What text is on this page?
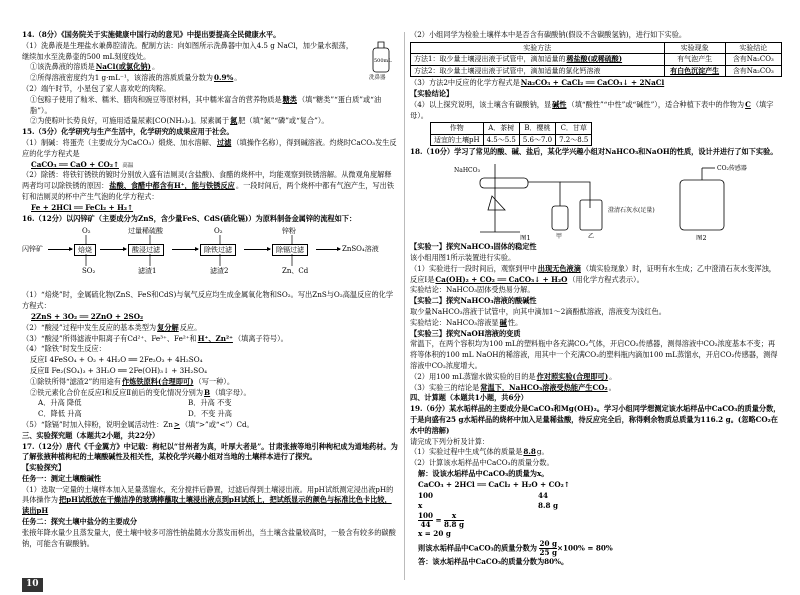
14.（8分）《国务院关于实施健康中国行动的意见》中提出要提高全民健康水平。

（1）洗鼻液是生理盐水兼鼻腔清洗。配制方法：向如图所示洗鼻器中加入4.5 g NaCl，加少量水振荡，继续加水至洗鼻壶的500 mL刻度线处。

①该洗鼻液的溶质是NaCl(或氯化钠)。

②所得溶液密度约为1 g·mL⁻¹，该溶液的溶质质量分数为0.9%。

（2）端午时节，小星包了家人喜欢吃的肉粽。

①包粽子使用了籼米、糯米、腊肉和豌豆等原材料，其中糯米富含的营养物质是糖类（填“糖类”“蛋白质”或“油脂”）。

②为使粽叶长势良好，可施用适量尿素[CO(NH₂)₂]。尿素属于氮肥（填“氮”“磷”或“复合”）。

500mL
洗鼻器

15.（5分）化学研究与生产生活中，化学研究的成果应用于社会。

（1）制碱：将蛋壳（主要成分为CaCO₃）煅烧、加水溶解、过滤（填操作名称），得到碱溶液。灼烧时CaCO₃发生反应的化学方程式是

CaCO₃ ══ CaO + CO₂↑ 高温

（2）除锈：将铁钉锈铁的镀时分别放入盛有洁厕灵(含盐酸)、食醋的烧杯中，均能观察到铁锈溶解。从微观角度解释两者均可以除铁锈的原因：盐酸、食醋中都含有H⁺，能与铁锈反应。一段时间后，两个烧杯中都有气泡产生，写出铁钉和洁厕灵的杯中产生气泡的化学方程式：

Fe + 2HCl ══ FeCl₂ + H₂↑

16.（12分）以闪锌矿（主要成分为ZnS，含少量FeS、CdS(硫化镉)）为原料制备金属锌的流程如下：

闪锌矿	焙烧	酸浸过滤	除铁过滤	除镉过滤	ZnSO₄溶液
O₂	过量稀硫酸	O₂	锌粉
SO₂	滤渣1	滤渣2	Zn、Cd

（1）“焙烧”时，金属硫化物(ZnS、FeS和CdS)与氧气反应均生成金属氧化物和SO₂。写出ZnS与O₂高温反应的化学方程式：

2ZnS + 3O₂ ══ 2ZnO + 2SO₂

（2）“酸浸”过程中发生反应的基本类型为复分解反应。

（3）“酸浸”所得滤液中阳离子有Cd²⁺、Fe³⁺、Fe²⁺和H⁺、Zn²⁺（填离子符号）。

（4）“除铁”时发生反应：

反应Ⅰ 4FeSO₄ + O₂ + 4H₂O ══ 2Fe₂O₃ + 4H₂SO₄

反应Ⅱ Fe₂(SO₄)₃ + 3H₂O ══ 2Fe(OH)₃↓ + 3H₂SO₄

①除铁所得“滤渣2”的用途有作炼铁原料(合理即可)（写一种）。

②铁元素化合价在反应Ⅰ和反应Ⅱ前后的变化情况分别为B（填字母）。

A．升高 降低	B．升高 不变

C．降低 升高	D．不变 升高

（5）“除镉”时加入锌粉，说明金属活动性：Zn>（填“>”或“<”）Cd。

三、实验探究题（本题共2小题，共22分）

17.（12分）唐代《千金翼方》中记载：枸杞以“甘州者为真，叶厚大者是”。甘肃张掖等地引种枸杞成为道地药材。为了解张掖种植枸杞的土壤酸碱性及相关性，某校化学兴趣小组对当地的土壤样本进行了探究。

【实验探究】

任务一：测定土壤酸碱性

（1）选取一定量的土壤样本加入足量蒸馏水，充分搅拌后静置，过滤后得到土壤浸出液。用pH试纸测定浸出液pH的具体操作为把pH试纸放在干燥洁净的玻璃棒蘸取土壤浸出液点到pH试纸上，把试纸显示的颜色与标准比色卡比较，读出pH

任务二：探究土壤中盐分的主要成分

张掖年降水量少且蒸发量大，使土壤中较多可溶性钠盐随水分蒸发而析出，当土壤含盐量较高时，一般含有较多的碳酸钠，可能含有碳酸钠。

（2）小组同学为检验土壤样本中是否含有碳酸钠(假设不含碳酸氢钠)，进行如下实验。

实验方法	实验现象	实验结论
方法1：取少量土壤浸出液于试管中，滴加适量的稀盐酸(或稀硫酸)	有气泡产生	含有Na₂CO₃
方法2：取少量土壤浸出液于试管中，滴加适量的氯化钙溶液	有白色沉淀产生	含有Na₂CO₃

（3）方法2中反应的化学方程式是Na₂CO₃ + CaCl₂ ══ CaCO₃↓ + 2NaCl

【实验结论】

（4）以上探究说明，该土壤含有碳酸钠，显碱性（填“酸性”“中性”或“碱性”），适合种植下表中的作物为C（填字母）。

作物	A．茶树	B．樱桃	C．甘草
适宜的土壤pH	4.5～5.5	5.6～7.0	7.2～8.5

18.（10分）学习了常见的酸、碱、盐后，某化学兴趣小组对NaHCO₃和NaOH的性质，设计并进行了如下实验。

NaHCO₃
甲	乙
澄清石灰水(足量)
CO₂传感器
图1	图2

【实验一】探究NaHCO₃固体的稳定性

该小组用图1所示装置进行实验。

（1）实验进行一段时间后，观察到甲中出现无色液滴（填实验现象）时，证明有水生成；乙中澄清石灰水变浑浊，反应Ⅰ是Ca(OH)₂ + CO₂ ══ CaCO₃↓ + H₂O（用化学方程式表示）。

实验结论：NaHCO₃固体受热易分解。

【实验二】探究NaHCO₃溶液的酸碱性

取少量NaHCO₃溶液于试管中，向其中滴加1～2滴酚酞溶液，溶液变为浅红色。

实验结论：NaHCO₃溶液显碱性。

【实验三】探究NaOH溶液的变质

常温下，在两个容积均为100 mL的塑料瓶中各充满CO₂气体，开启CO₂传感器，测得溶液中CO₂浓度基本不变；再将等体积的100 mL NaOH的稀溶液，用其中一个充满CO₂的塑料瓶内滴加100 mL蒸馏水，开启CO₂传感器，测得溶液中CO₂浓度增大。

（2）用100 mL蒸馏水做实验的目的是作对照实验(合理即可)。

（3）实验三的结论是常温下，NaHCO₃溶液受热能产生CO₂。

四、计算题（本题共1小题，共6分）

19.（6分）某水垢样品的主要成分是CaCO₃和Mg(OH)₂。学习小组同学想测定该水垢样品中CaCO₃的质量分数，于是向盛有25 g水垢样品的烧杯中加入足量稀盐酸，待反应完全后，称得剩余物质总质量为116.2 g。(忽略CO₂在水中的溶解)

请完成下列分析及计算：

（1）实验过程中生成气体的质量是8.8g。

（2）计算该水垢样品中CaCO₃的质量分数。

解：设该水垢样品中CaCO₃的质量为x。

CaCO₃ + 2HCl ══ CaCl₂ + H₂O + CO₂↑

100	44

x	8.8 g

$\frac{100}{44} = \frac{x}{8.8 g}$

x = 20 g

则该水垢样品中CaCO₃的质量分数为 $\frac{20 g}{25 g} \times 100\% = 80\%$

答：该水垢样品中CaCO₃的质量分数为80%。

10
